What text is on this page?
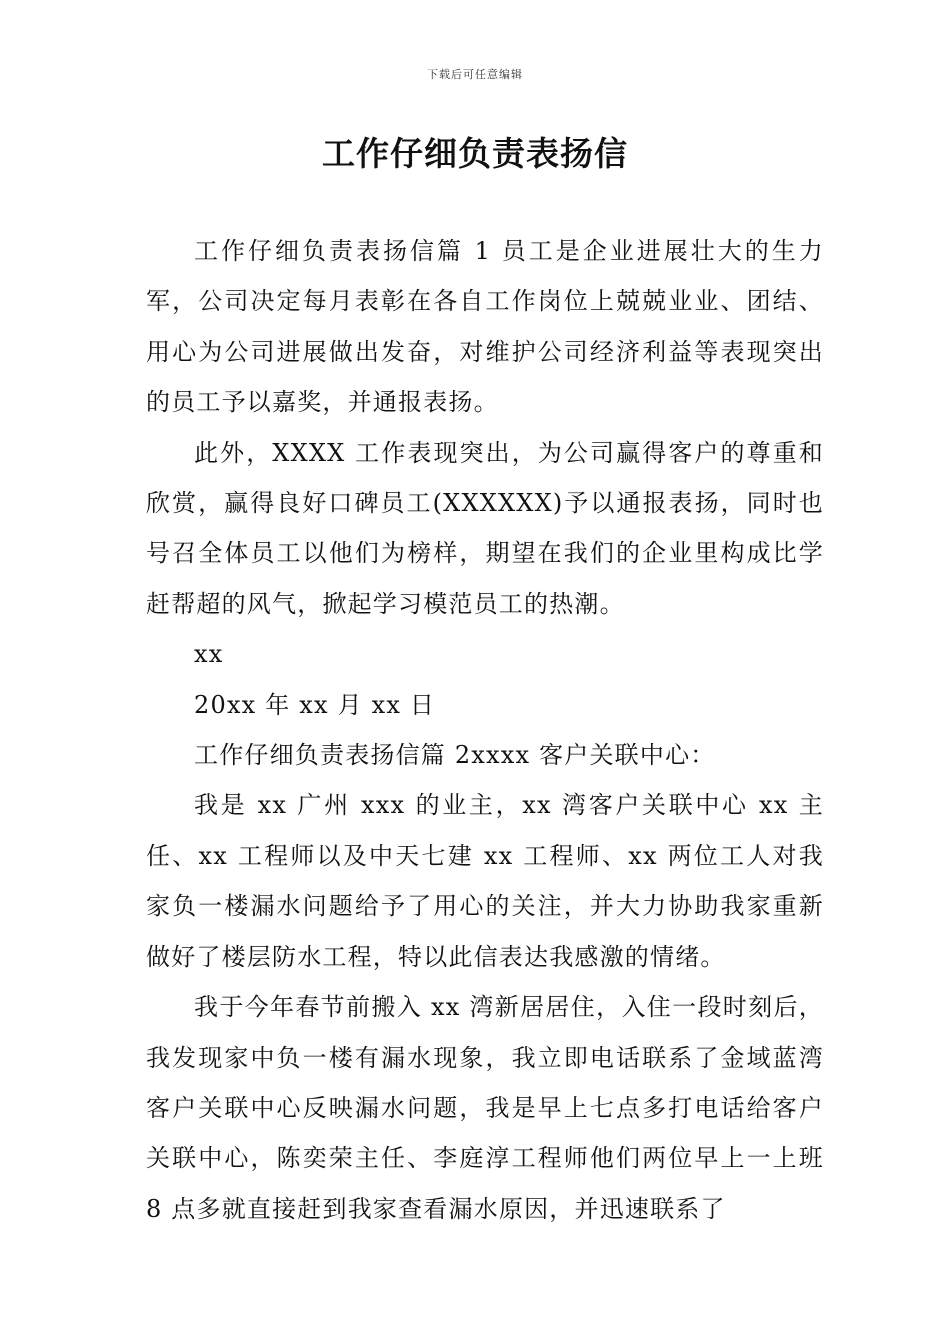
下载后可任意编辑
工作仔细负责表扬信

工作仔细负责表扬信篇 1 员工是企业进展壮大的生力军，公司决定每月表彰在各自工作岗位上兢兢业业、团结、用心为公司进展做出发奋，对维护公司经济利益等表现突出的员工予以嘉奖，并通报表扬。

此外，XXXX 工作表现突出，为公司赢得客户的尊重和欣赏，赢得良好口碑员工(XXXXXX)予以通报表扬，同时也号召全体员工以他们为榜样，期望在我们的企业里构成比学赶帮超的风气，掀起学习模范员工的热潮。

xx

20xx 年 xx 月 xx 日

工作仔细负责表扬信篇 2xxxx 客户关联中心：

我是 xx 广州 xxx 的业主，xx 湾客户关联中心 xx 主任、xx 工程师以及中天七建 xx 工程师、xx 两位工人对我家负一楼漏水问题给予了用心的关注，并大力协助我家重新做好了楼层防水工程，特以此信表达我感激的情绪。

我于今年春节前搬入 xx 湾新居居住，入住一段时刻后，我发现家中负一楼有漏水现象，我立即电话联系了金域蓝湾客户关联中心反映漏水问题，我是早上七点多打电话给客户关联中心，陈奕荣主任、李庭淳工程师他们两位早上一上班 8 点多就直接赶到我家查看漏水原因，并迅速联系了
